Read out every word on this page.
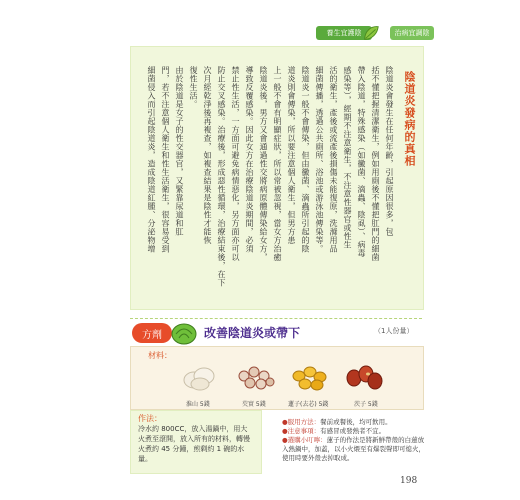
養生宜護陰	治病宜調陰
陰道炎發病的真相
陰道炎會發生在任何年齡，引起原因很多，包
括不懂把握清潔衛生，例如用廁後不懂把肛門的細菌
帶入陰道，特殊感染（如黴菌、滴蟲、陰虱）、病毒
感染等），經期不注意衛生，不注意性器官或性生
活的衛生，產後或流產後損傷未能復原，洗滌用品
細菌傳播，透過公共廁所、浴池或游泳池傳染等。
陰道炎一般不會傳染，但由黴菌、滴蟲所引起的陰
道炎則會傳染，所以要注意個人衛生，但男方患
上一般不會有明顯症狀，所以常被忽視，當女方治癒
陰道炎後，男方又會通過性交將病原體傳染給女方，
導致反覆感染。因此女方在治療陰道炎期間，必須
禁止性生活，一方面可避免病情惡化，另方面亦可以
防止交叉感染。治療後，形成惡性循環，治療結束後，在下
次月經乾淨後再複查，如複查結果是陰性才能恢
復性生活。
由於陰道是女子的性交器官，又緊靠尿道和肛
門，若不注意個人衛生和性生活衛生，很容易受到
細菌侵入而引起陰道炎，造成陰道紅腫、分泌物增
方劑	改善陰道炎或帶下	（1人份量）
材料：
淮山 5錢	芡實 5錢	蓮子(去芯) 5錢	茨子 5錢
作法：
冷水約 800CC，放入湯鍋中，用大火煮至滾開，放入所有的材料，轉慢火煮約 45 分鐘，煎剩約 1 碗的水量。
●服用方法：餐前或餐後，均可飲用。
●注意事項：有感冒或發熱者不宜。
●選購小叮嚀：蓮子的作法是將新鮮帶殼的白蓮放入熱鍋中，加蓋，以小火煨至有爆裂聲即可熄火，使用時要外殼去掉取成。
198
